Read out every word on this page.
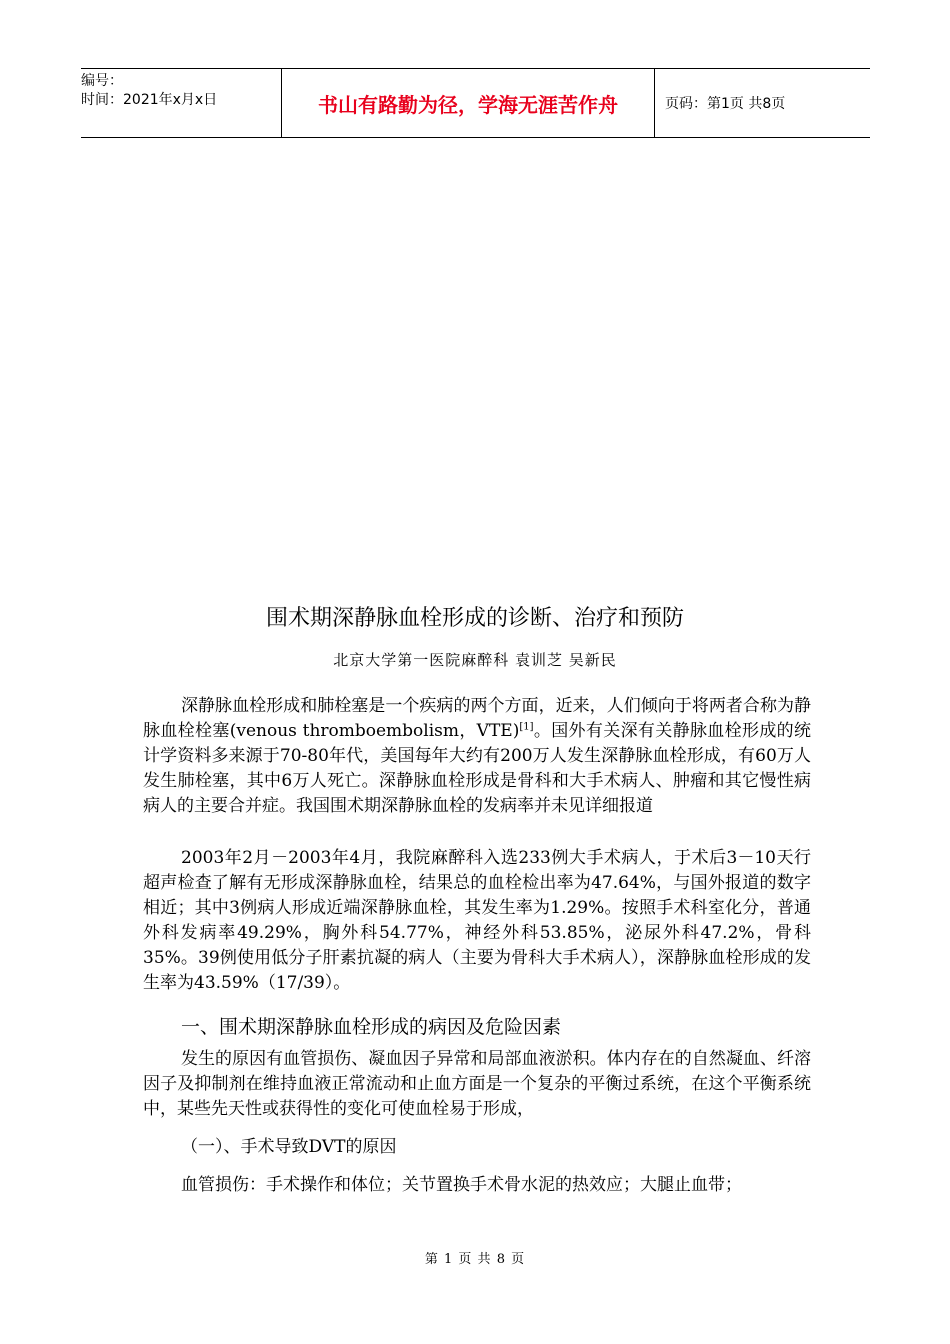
编号：
时间：2021年x月x日	书山有路勤为径，学海无涯苦作舟	页码：第1页 共8页
围术期深静脉血栓形成的诊断、治疗和预防
北京大学第一医院麻醉科 袁训芝 吴新民

深静脉血栓形成和肺栓塞是一个疾病的两个方面，近来，人们倾向于将两者合称为静脉血栓栓塞(venous thromboembolism，VTE)[1]。国外有关深有关静脉血栓形成的统计学资料多来源于70-80年代，美国每年大约有200万人发生深静脉血栓形成，有60万人发生肺栓塞，其中6万人死亡。深静脉血栓形成是骨科和大手术病人、肿瘤和其它慢性病病人的主要合并症。我国围术期深静脉血栓的发病率并未见详细报道

2003年2月－2003年4月，我院麻醉科入选233例大手术病人，于术后3－10天行超声检查了解有无形成深静脉血栓，结果总的血栓检出率为47.64%，与国外报道的数字相近；其中3例病人形成近端深静脉血栓，其发生率为1.29%。按照手术科室化分，普通外科发病率49.29%，胸外科54.77%，神经外科53.85%，泌尿外科47.2%，骨科35%。39例使用低分子肝素抗凝的病人（主要为骨科大手术病人），深静脉血栓形成的发生率为43.59%（17/39）。

一、围术期深静脉血栓形成的病因及危险因素

发生的原因有血管损伤、凝血因子异常和局部血液淤积。体内存在的自然凝血、纤溶因子及抑制剂在维持血液正常流动和止血方面是一个复杂的平衡过系统，在这个平衡系统中，某些先天性或获得性的变化可使血栓易于形成，

（一）、手术导致DVT的原因
血管损伤：手术操作和体位；关节置换手术骨水泥的热效应；大腿止血带；
第 1 页 共 8 页
